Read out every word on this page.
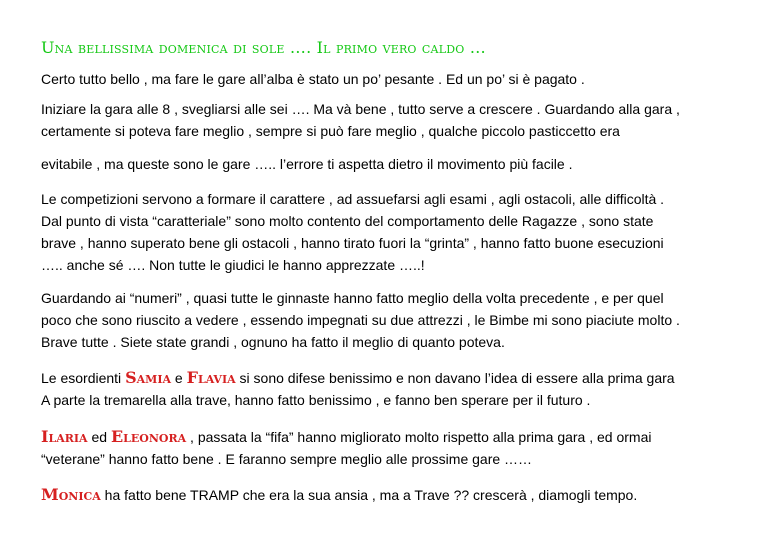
Una bellissima domenica di sole …. Il primo vero caldo …
Certo tutto bello , ma fare le gare all’alba è stato un po’ pesante . Ed un po’ si è pagato .
Iniziare la gara alle 8 , svegliarsi alle sei …. Ma và bene , tutto serve a crescere . Guardando alla gara ,
certamente si poteva fare meglio , sempre si può fare meglio , qualche piccolo pasticcetto era
evitabile , ma queste sono le gare ….. l’errore ti aspetta dietro il movimento più facile .
Le competizioni servono a formare il carattere , ad assuefarsi agli esami , agli ostacoli, alle difficoltà .
Dal punto di vista “caratteriale” sono molto contento del comportamento delle Ragazze , sono state
brave , hanno superato bene gli ostacoli , hanno tirato fuori la “grinta” , hanno fatto buone esecuzioni
….. anche sé …. Non tutte le giudici le hanno apprezzate …..!
Guardando ai “numeri” , quasi tutte le ginnaste hanno fatto meglio della volta precedente , e per quel
poco che sono riuscito a vedere , essendo impegnati su due attrezzi , le Bimbe mi sono piaciute molto .
Brave tutte . Siete state grandi , ognuno ha fatto il meglio di quanto poteva.
Le esordienti Samia e Flavia si sono difese benissimo e non davano l’idea di essere alla prima gara
A parte la tremarella alla trave, hanno fatto benissimo , e fanno ben sperare per il futuro .
Ilaria ed Eleonora , passata la “fifa” hanno migliorato molto rispetto alla prima gara , ed ormai
“veterane” hanno fatto bene . E faranno sempre meglio alle prossime gare ……
Monica ha fatto bene TRAMP che era la sua ansia , ma a Trave ?? crescerà , diamogli tempo.
